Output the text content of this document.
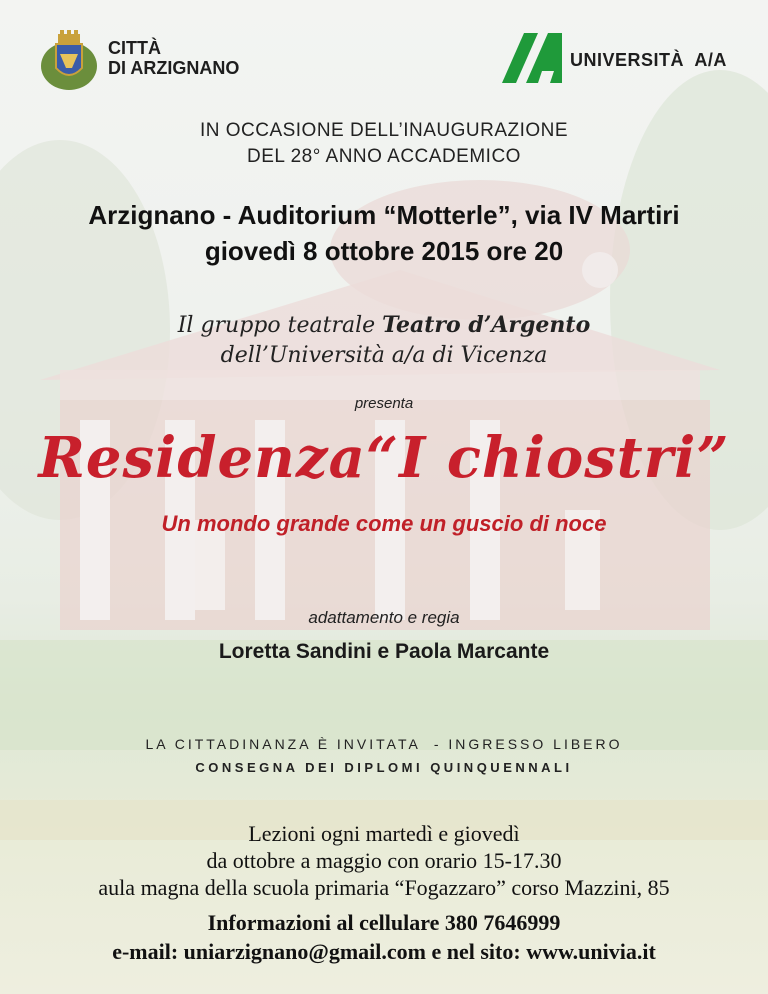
CITTÀ
DI ARZIGNANO	UNIVERSITÀ  A/A
IN OCCASIONE DELL’INAUGURAZIONE
DEL 28° ANNO ACCADEMICO
Arzignano - Auditorium “Motterle”, via IV Martiri
giovedì 8 ottobre 2015 ore 20
Il gruppo teatrale Teatro d’Argento
dell’Università a/a di Vicenza
presenta
Residenza“I chiostri”
Un mondo grande come un guscio di noce
adattamento e regia
Loretta Sandini e Paola Marcante
LA CITTADINANZA È INVITATA  - INGRESSO LIBERO
CONSEGNA DEI DIPLOMI QUINQUENNALI
Lezioni ogni martedì e giovedì
da ottobre a maggio con orario 15-17.30
aula magna della scuola primaria “Fogazzaro” corso Mazzini, 85
Informazioni al cellulare 380 7646999
e-mail: uniarzignano@gmail.com e nel sito: www.univia.it
